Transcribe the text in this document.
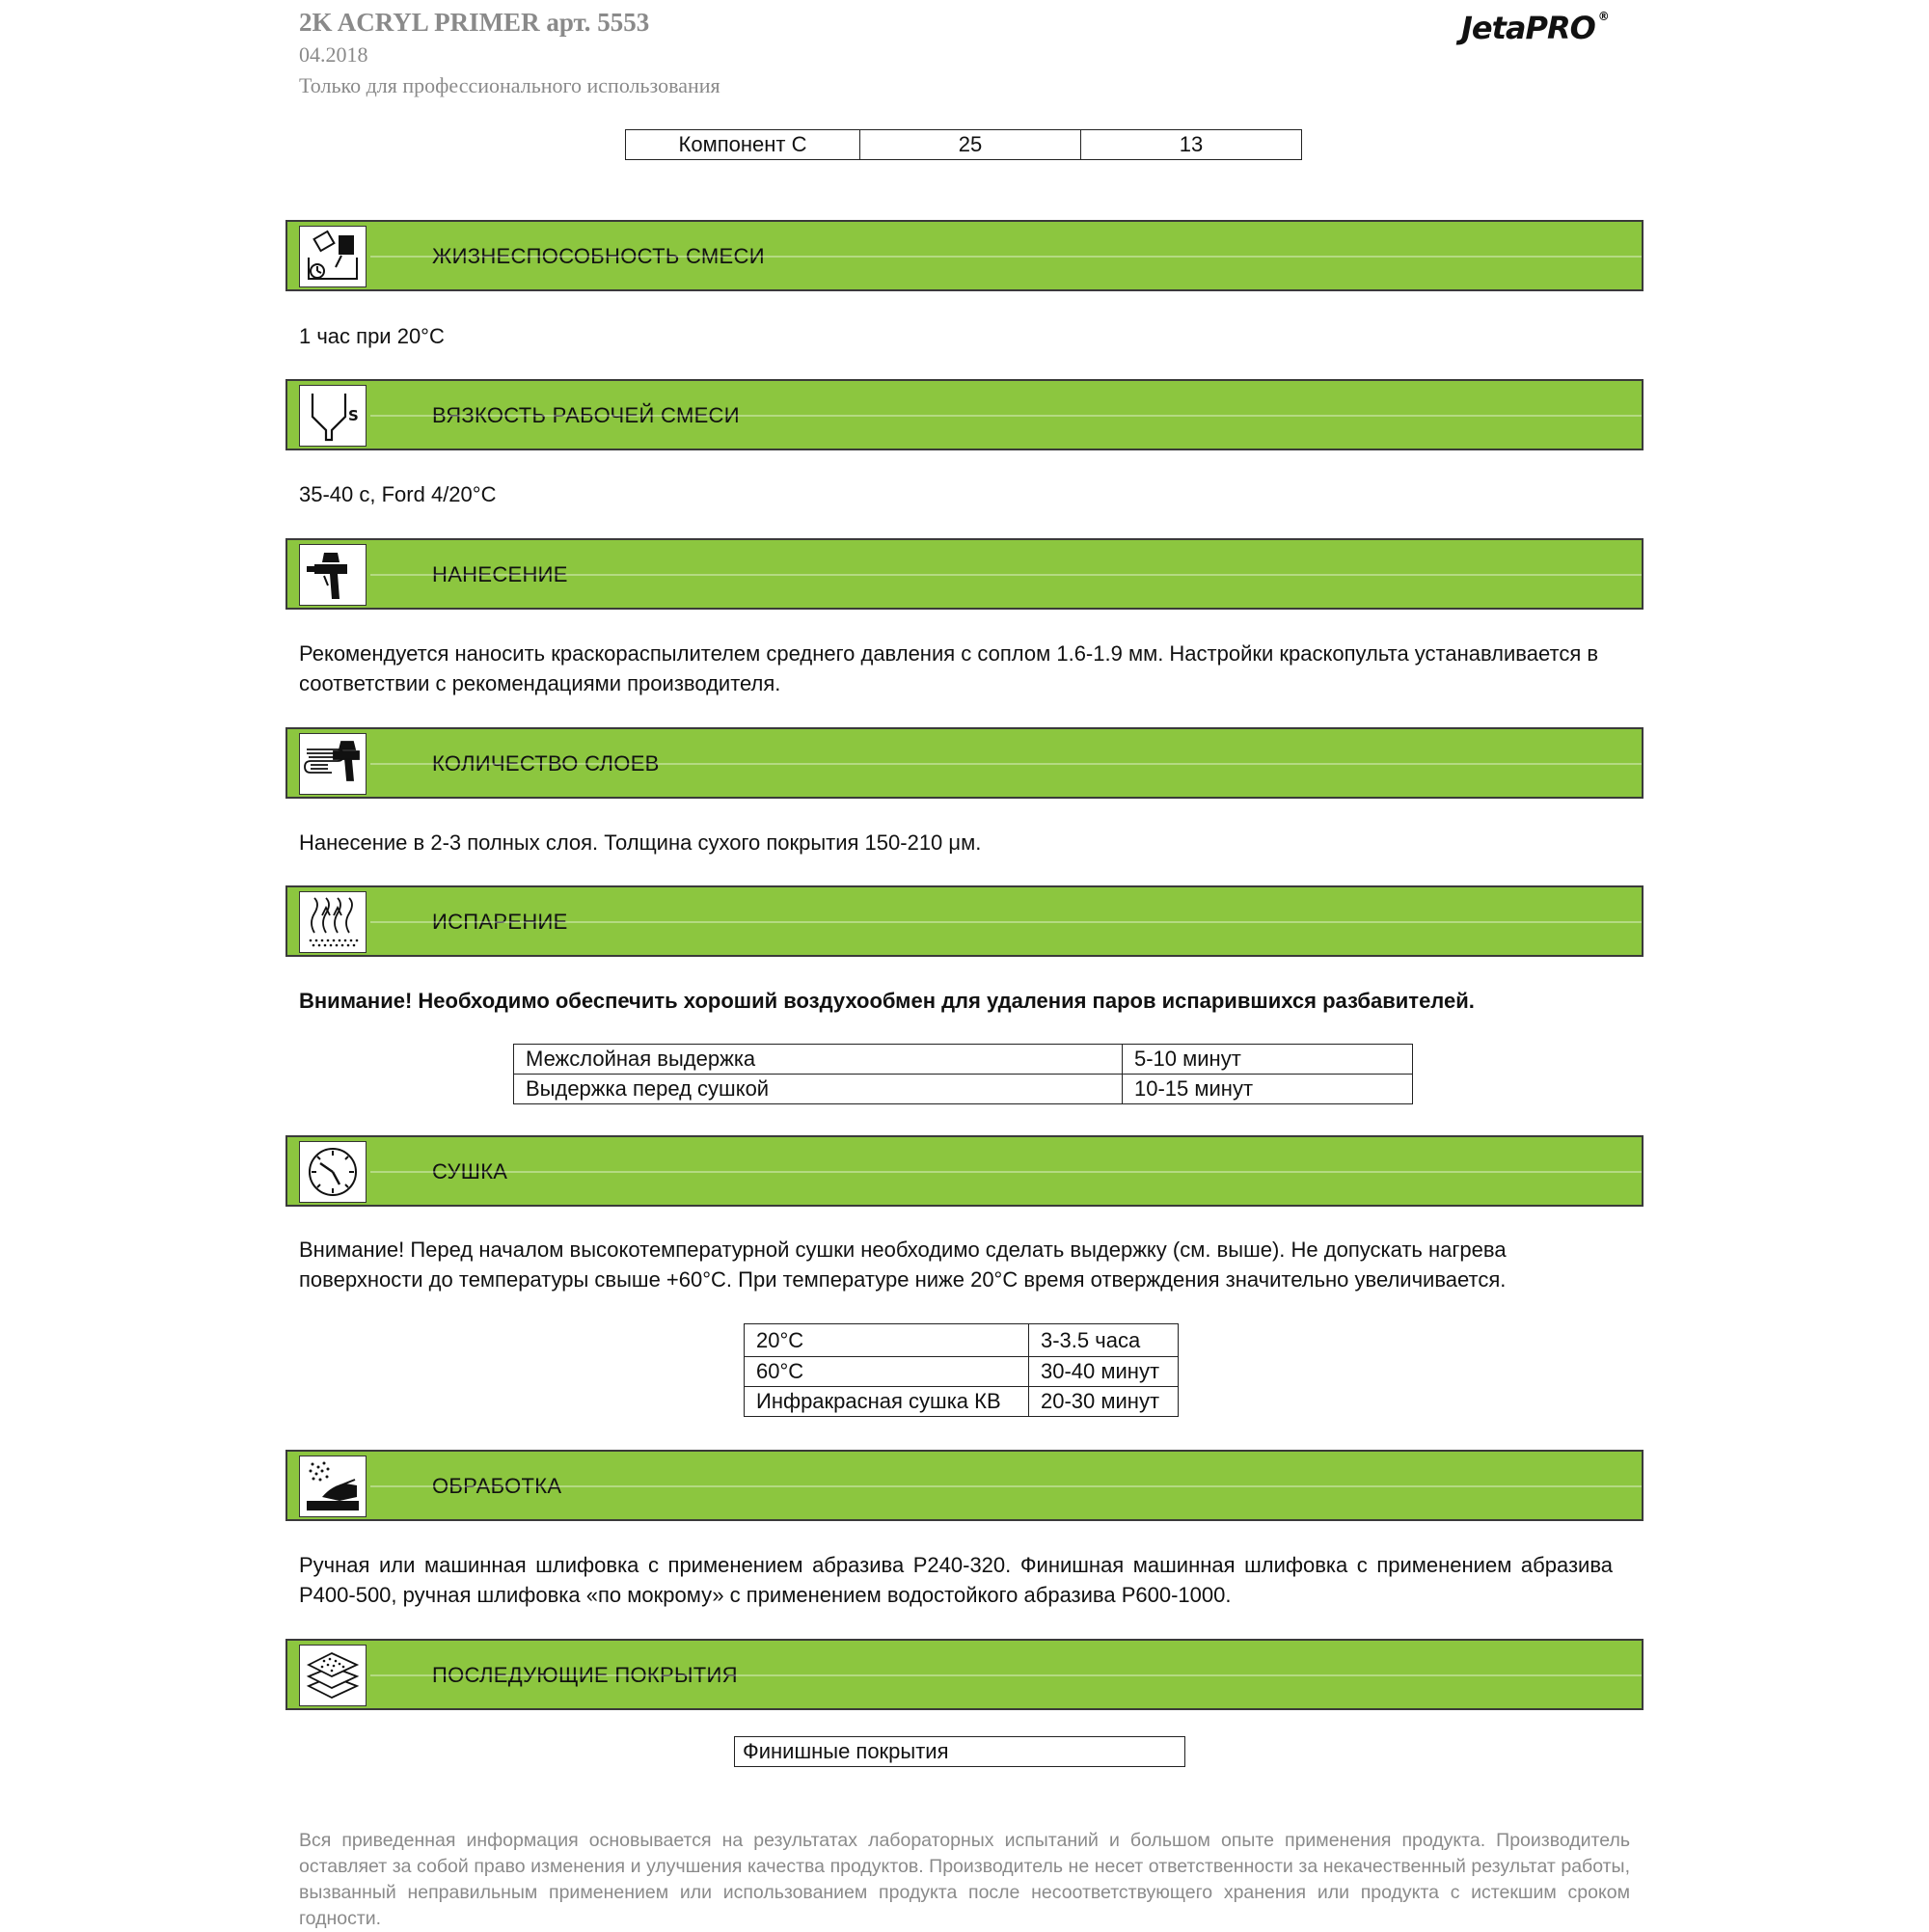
2K ACRYL PRIMER арт. 5553
04.2018
Только для профессионального использования
JetaPRO ®
Компонент С	25	13
ЖИЗНЕСПОСОБНОСТЬ СМЕСИ
1 час при 20°С
S	ВЯЗКОСТЬ РАБОЧЕЙ СМЕСИ
35-40 с, Ford 4/20°С
НАНЕСЕНИЕ
Рекомендуется наносить краскораспылителем среднего давления с соплом 1.6-1.9 мм. Настройки краскопульта устанавливается в соответствии с рекомендациями производителя.
КОЛИЧЕСТВО СЛОЕВ
Нанесение в 2-3 полных слоя. Толщина сухого покрытия 150-210 μм.
ИСПАРЕНИЕ
Внимание! Необходимо обеспечить хороший воздухообмен для удаления паров испарившихся разбавителей.
Межслойная выдержка	5-10 минут
Выдержка перед сушкой	10-15 минут
СУШКА
Внимание! Перед началом высокотемпературной сушки необходимо сделать выдержку (см. выше). Не допускать нагрева поверхности до температуры свыше +60°С. При температуре ниже 20°С время отверждения значительно увеличивается.
20°С	3-3.5 часа
60°С	30-40 минут
Инфракрасная сушка КВ	20-30 минут
ОБРАБОТКА
Ручная или машинная шлифовка с применением абразива Р240-320. Финишная машинная шлифовка с применением абразива Р400-500, ручная шлифовка «по мокрому» с применением водостойкого абразива Р600-1000.
ПОСЛЕДУЮЩИЕ ПОКРЫТИЯ
Финишные покрытия
Вся приведенная информация основывается на результатах лабораторных испытаний и большом опыте применения продукта. Производитель оставляет за собой право изменения и улучшения качества продуктов. Производитель не несет ответственности за некачественный результат работы, вызванный неправильным применением или использованием продукта после несоответствующего хранения или продукта с истекшим сроком годности.
